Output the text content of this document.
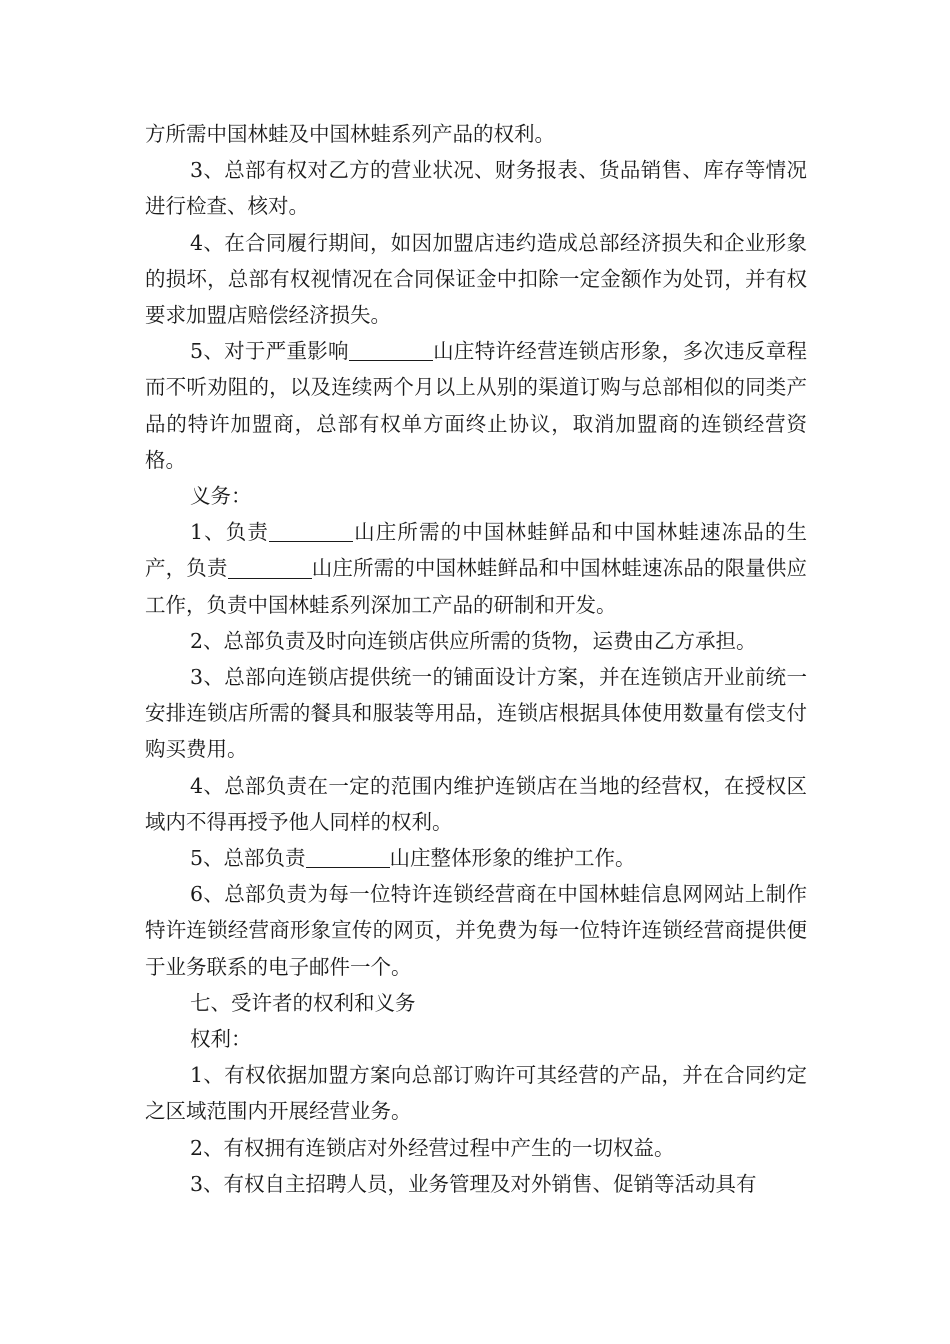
方所需中国林蛙及中国林蛙系列产品的权利。

3、总部有权对乙方的营业状况、财务报表、货品销售、库存等情况进行检查、核对。

4、在合同履行期间，如因加盟店违约造成总部经济损失和企业形象的损坏，总部有权视情况在合同保证金中扣除一定金额作为处罚，并有权要求加盟店赔偿经济损失。

5、对于严重影响	山庄特许经营连锁店形象，多次违反章程而不听劝阻的，以及连续两个月以上从别的渠道订购与总部相似的同类产品的特许加盟商，总部有权单方面终止协议，取消加盟商的连锁经营资格。

义务：

1、负责	山庄所需的中国林蛙鲜品和中国林蛙速冻品的生产，负责	山庄所需的中国林蛙鲜品和中国林蛙速冻品的限量供应工作，负责中国林蛙系列深加工产品的研制和开发。

2、总部负责及时向连锁店供应所需的货物，运费由乙方承担。

3、总部向连锁店提供统一的铺面设计方案，并在连锁店开业前统一安排连锁店所需的餐具和服装等用品，连锁店根据具体使用数量有偿支付购买费用。

4、总部负责在一定的范围内维护连锁店在当地的经营权，在授权区域内不得再授予他人同样的权利。

5、总部负责	山庄整体形象的维护工作。

6、总部负责为每一位特许连锁经营商在中国林蛙信息网网站上制作特许连锁经营商形象宣传的网页，并免费为每一位特许连锁经营商提供便于业务联系的电子邮件一个。

七、受许者的权利和义务

权利：

1、有权依据加盟方案向总部订购许可其经营的产品，并在合同约定之区域范围内开展经营业务。

2、有权拥有连锁店对外经营过程中产生的一切权益。

3、有权自主招聘人员，业务管理及对外销售、促销等活动具有
